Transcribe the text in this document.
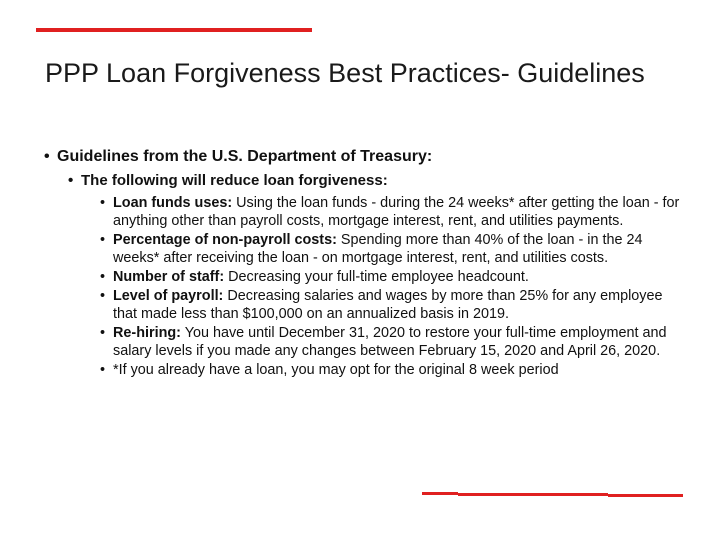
PPP Loan Forgiveness Best Practices- Guidelines
• Guidelines from the U.S. Department of Treasury:
• The following will reduce loan forgiveness:
• Loan funds uses: Using the loan funds - during the 24 weeks* after getting the loan - for anything other than payroll costs, mortgage interest, rent, and utilities payments.
• Percentage of non-payroll costs: Spending more than 40% of the loan - in the 24 weeks* after receiving the loan - on mortgage interest, rent, and utilities costs.
• Number of staff: Decreasing your full-time employee headcount.
• Level of payroll: Decreasing salaries and wages by more than 25% for any employee that made less than $100,000 on an annualized basis in 2019.
• Re-hiring: You have until December 31, 2020 to restore your full-time employment and salary levels if you made any changes between February 15, 2020 and April 26, 2020.
• *If you already have a loan, you may opt for the original 8 week period
